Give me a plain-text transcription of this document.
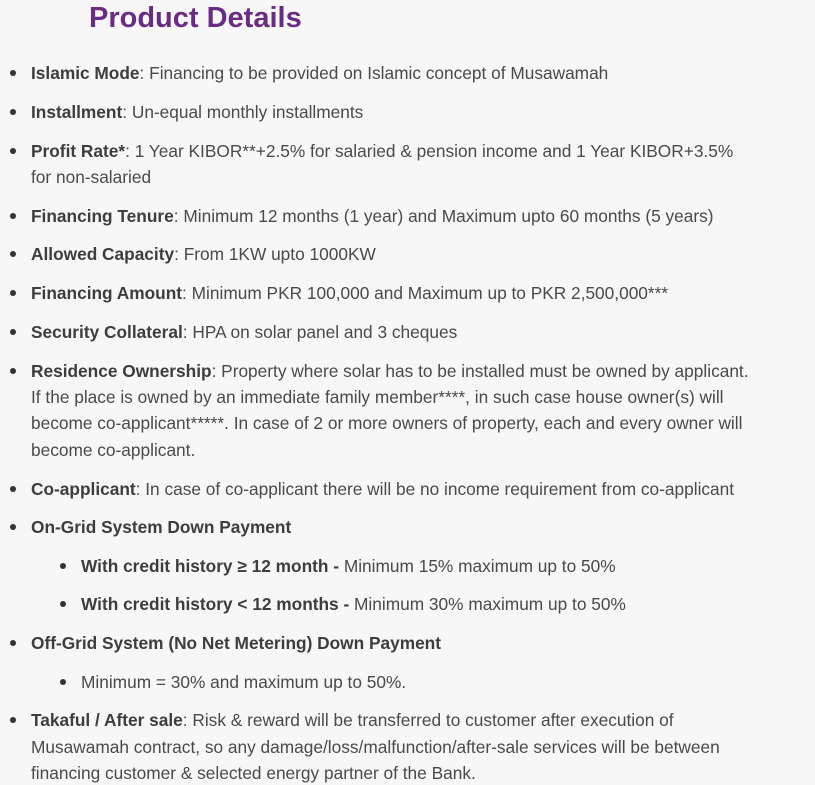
Product Details
Islamic Mode: Financing to be provided on Islamic concept of Musawamah
Installment: Un-equal monthly installments
Profit Rate*: 1 Year KIBOR**+2.5% for salaried & pension income and 1 Year KIBOR+3.5% for non-salaried
Financing Tenure: Minimum 12 months (1 year) and Maximum upto 60 months (5 years)
Allowed Capacity: From 1KW upto 1000KW
Financing Amount: Minimum PKR 100,000 and Maximum up to PKR 2,500,000***
Security Collateral: HPA on solar panel and 3 cheques
Residence Ownership: Property where solar has to be installed must be owned by applicant. If the place is owned by an immediate family member****, in such case house owner(s) will become co-applicant*****. In case of 2 or more owners of property, each and every owner will become co-applicant.
Co-applicant: In case of co-applicant there will be no income requirement from co-applicant
On-Grid System Down Payment
With credit history ≥ 12 month - Minimum 15% maximum up to 50%
With credit history < 12 months - Minimum 30% maximum up to 50%
Off-Grid System (No Net Metering) Down Payment
Minimum = 30% and maximum up to 50%.
Takaful / After sale: Risk & reward will be transferred to customer after execution of Musawamah contract, so any damage/loss/malfunction/after-sale services will be between financing customer & selected energy partner of the Bank.
